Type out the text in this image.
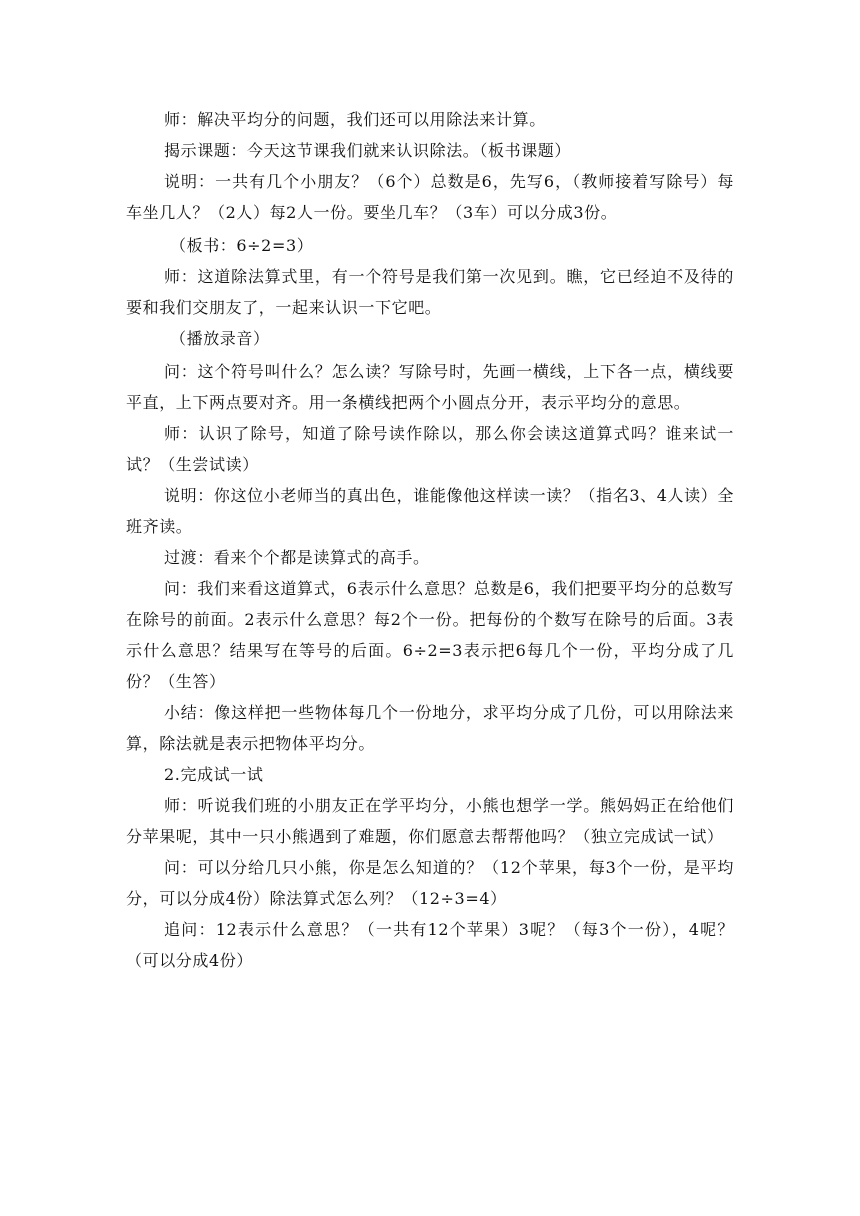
师：解决平均分的问题，我们还可以用除法来计算。

揭示课题：今天这节课我们就来认识除法。（板书课题）

说明：一共有几个小朋友？（6个）总数是6，先写6，（教师接着写除号）每车坐几人？（2人）每2人一份。要坐几车？（3车）可以分成3份。

（板书：6÷2=3）

师：这道除法算式里，有一个符号是我们第一次见到。瞧，它已经迫不及待的要和我们交朋友了，一起来认识一下它吧。

（播放录音）

问：这个符号叫什么？怎么读？写除号时，先画一横线，上下各一点，横线要平直，上下两点要对齐。用一条横线把两个小圆点分开，表示平均分的意思。

师：认识了除号，知道了除号读作除以，那么你会读这道算式吗？谁来试一试？（生尝试读）

说明：你这位小老师当的真出色，谁能像他这样读一读？（指名3、4人读）全班齐读。

过渡：看来个个都是读算式的高手。

问：我们来看这道算式，6表示什么意思？总数是6，我们把要平均分的总数写在除号的前面。2表示什么意思？每2个一份。把每份的个数写在除号的后面。3表示什么意思？结果写在等号的后面。6÷2=3表示把6每几个一份，平均分成了几份？（生答）

小结：像这样把一些物体每几个一份地分，求平均分成了几份，可以用除法来算，除法就是表示把物体平均分。

2.完成试一试

师：听说我们班的小朋友正在学平均分，小熊也想学一学。熊妈妈正在给他们分苹果呢，其中一只小熊遇到了难题，你们愿意去帮帮他吗？（独立完成试一试）

问：可以分给几只小熊，你是怎么知道的？（12个苹果，每3个一份，是平均分，可以分成4份）除法算式怎么列？（12÷3=4）

追问：12表示什么意思？（一共有12个苹果）3呢？（每3个一份），4呢？（可以分成4份）
